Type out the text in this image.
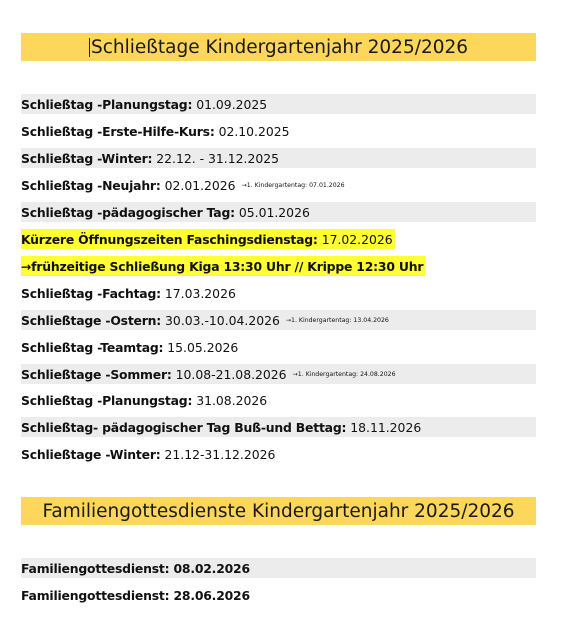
Schließtage Kindergartenjahr 2025/2026
Schließtag -Planungstag: 01.09.2025
Schließtag -Erste-Hilfe-Kurs: 02.10.2025
Schließtag -Winter: 22.12. - 31.12.2025
Schließtag -Neujahr: 02.01.2026 →1. Kindergartentag: 07.01.2026
Schließtag -pädagogischer Tag: 05.01.2026
Kürzere Öffnungszeiten Faschingsdienstag: 17.02.2026
→frühzeitige Schließung Kiga 13:30 Uhr // Krippe 12:30 Uhr
Schließtag -Fachtag: 17.03.2026
Schließtage -Ostern: 30.03.-10.04.2026 →1. Kindergartentag: 13.04.2026
Schließtag -Teamtag: 15.05.2026
Schließtage -Sommer: 10.08-21.08.2026 →1. Kindergartentag: 24.08.2026
Schließtag -Planungstag: 31.08.2026
Schließtag- pädagogischer Tag Buß-und Bettag: 18.11.2026
Schließtage -Winter: 21.12-31.12.2026
Familiengottesdienste Kindergartenjahr 2025/2026
Familiengottesdienst: 08.02.2026
Familiengottesdienst: 28.06.2026
